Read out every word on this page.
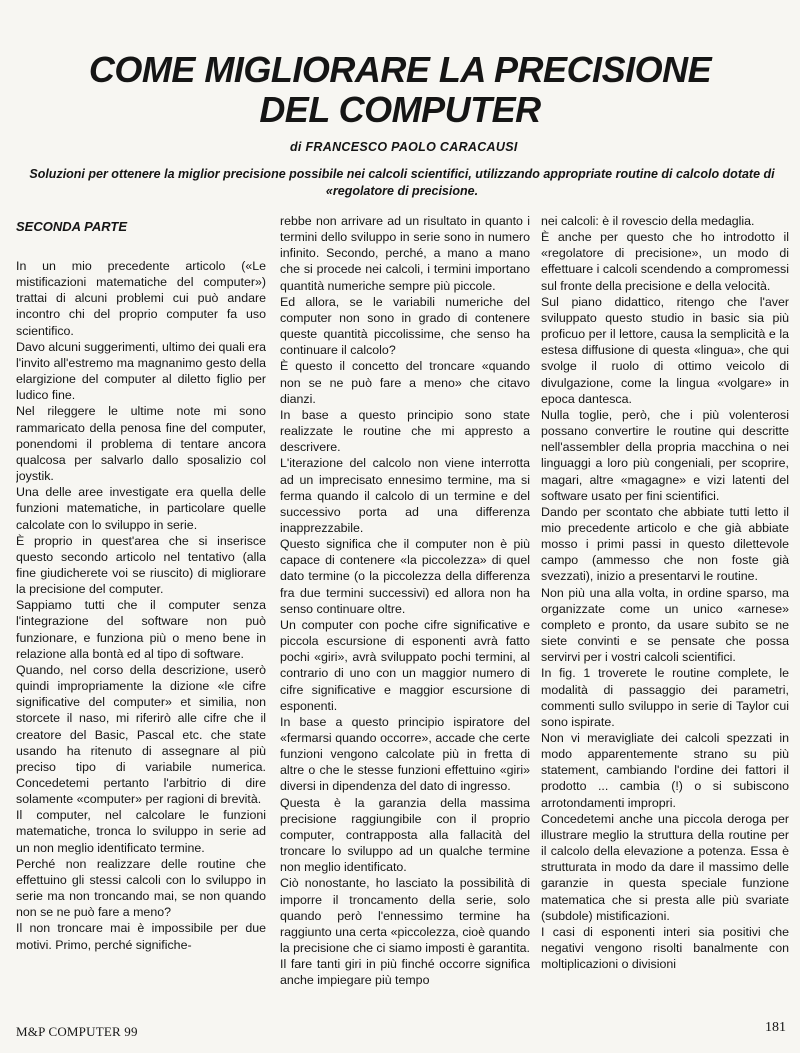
COME MIGLIORARE LA PRECISIONE
DEL COMPUTER
di FRANCESCO PAOLO CARACAUSI
Soluzioni per ottenere la miglior precisione possibile nei calcoli scientifici, utilizzando appropriate routine di calcolo dotate di «regolatore di precisione.
SECONDA PARTE

In un mio precedente articolo («Le mistificazioni matematiche del computer») trattai di alcuni problemi cui può andare incontro chi del proprio computer fa uso scientifico.

Davo alcuni suggerimenti, ultimo dei quali era l'invito all'estremo ma magnanimo gesto della elargizione del computer al diletto figlio per ludico fine.

Nel rileggere le ultime note mi sono rammaricato della penosa fine del computer, ponendomi il problema di tentare ancora qualcosa per salvarlo dallo sposalizio col joystik.

Una delle aree investigate era quella delle funzioni matematiche, in particolare quelle calcolate con lo sviluppo in serie.

È proprio in quest'area che si inserisce questo secondo articolo nel tentativo (alla fine giudicherete voi se riuscito) di migliorare la precisione del computer.

Sappiamo tutti che il computer senza l'integrazione del software non può funzionare, e funziona più o meno bene in relazione alla bontà ed al tipo di software.

Quando, nel corso della descrizione, userò quindi impropriamente la dizione «le cifre significative del computer» et similia, non storcete il naso, mi riferirò alle cifre che il creatore del Basic, Pascal etc. che state usando ha ritenuto di assegnare al più preciso tipo di variabile numerica. Concedetemi pertanto l'arbitrio di dire solamente «computer» per ragioni di brevità.

Il computer, nel calcolare le funzioni matematiche, tronca lo sviluppo in serie ad un non meglio identificato termine.

Perché non realizzare delle routine che effettuino gli stessi calcoli con lo sviluppo in serie ma non troncando mai, se non quando non se ne può fare a meno?

Il non troncare mai è impossibile per due motivi. Primo, perché significhe-

rebbe non arrivare ad un risultato in quanto i termini dello sviluppo in serie sono in numero infinito. Secondo, perché, a mano a mano che si procede nei calcoli, i termini importano quantità numeriche sempre più piccole.

Ed allora, se le variabili numeriche del computer non sono in grado di contenere queste quantità piccolissime, che senso ha continuare il calcolo?

È questo il concetto del troncare «quando non se ne può fare a meno» che citavo dianzi.

In base a questo principio sono state realizzate le routine che mi appresto a descrivere.

L'iterazione del calcolo non viene interrotta ad un imprecisato ennesimo termine, ma si ferma quando il calcolo di un termine e del successivo porta ad una differenza inapprezzabile.

Questo significa che il computer non è più capace di contenere «la piccolezza» di quel dato termine (o la piccolezza della differenza fra due termini successivi) ed allora non ha senso continuare oltre.

Un computer con poche cifre significative e piccola escursione di esponenti avrà fatto pochi «giri», avrà sviluppato pochi termini, al contrario di uno con un maggior numero di cifre significative e maggior escursione di esponenti.

In base a questo principio ispiratore del «fermarsi quando occorre», accade che certe funzioni vengono calcolate più in fretta di altre o che le stesse funzioni effettuino «giri» diversi in dipendenza del dato di ingresso.

Questa è la garanzia della massima precisione raggiungibile con il proprio computer, contrapposta alla fallacità del troncare lo sviluppo ad un qualche termine non meglio identificato.

Ciò nonostante, ho lasciato la possibilità di imporre il troncamento della serie, solo quando però l'ennessimo termine ha raggiunto una certa «piccolezza, cioè quando la precisione che ci siamo imposti è garantita.

Il fare tanti giri in più finché occorre significa anche impiegare più tempo

nei calcoli: è il rovescio della medaglia.

È anche per questo che ho introdotto il «regolatore di precisione», un modo di effettuare i calcoli scendendo a compromessi sul fronte della precisione e della velocità.

Sul piano didattico, ritengo che l'aver sviluppato questo studio in basic sia più proficuo per il lettore, causa la semplicità e la estesa diffusione di questa «lingua», che qui svolge il ruolo di ottimo veicolo di divulgazione, come la lingua «volgare» in epoca dantesca.

Nulla toglie, però, che i più volenterosi possano convertire le routine qui descritte nell'assembler della propria macchina o nei linguaggi a loro più congeniali, per scoprire, magari, altre «magagne» e vizi latenti del software usato per fini scientifici.

Dando per scontato che abbiate tutti letto il mio precedente articolo e che già abbiate mosso i primi passi in questo dilettevole campo (ammesso che non foste già svezzati), inizio a presentarvi le routine.

Non più una alla volta, in ordine sparso, ma organizzate come un unico «arnese» completo e pronto, da usare subito se ne siete convinti e se pensate che possa servirvi per i vostri calcoli scientifici.

In fig. 1 troverete le routine complete, le modalità di passaggio dei parametri, commenti sullo sviluppo in serie di Taylor cui sono ispirate.

Non vi meravigliate dei calcoli spezzati in modo apparentemente strano su più statement, cambiando l'ordine dei fattori il prodotto ... cambia (!) o si subiscono arrotondamenti impropri.

Concedetemi anche una piccola deroga per illustrare meglio la struttura della routine per il calcolo della elevazione a potenza. Essa è strutturata in modo da dare il massimo delle garanzie in questa speciale funzione matematica che si presta alle più svariate (subdole) mistificazioni.

I casi di esponenti interi sia positivi che negativi vengono risolti banalmente con moltiplicazioni o divisioni

M&P COMPUTER 99	181
